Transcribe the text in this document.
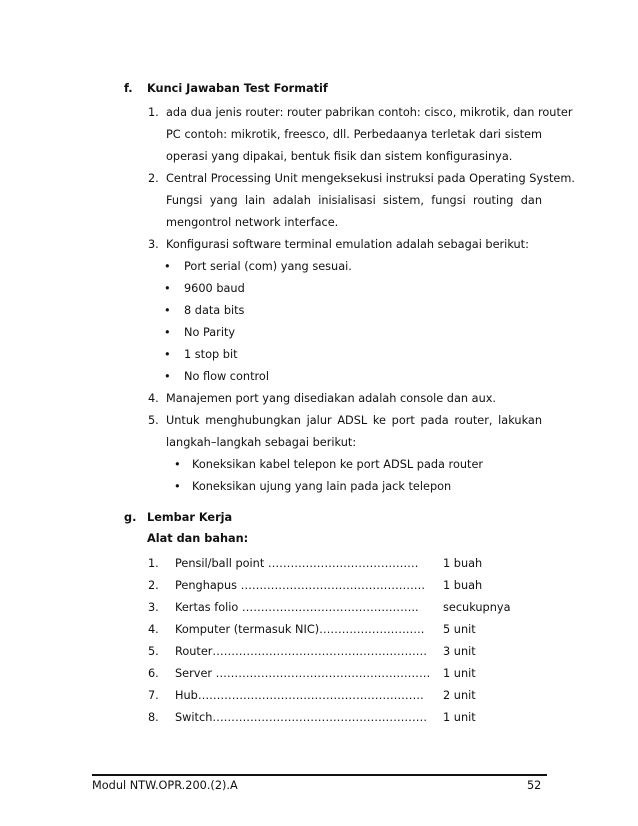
f. Kunci Jawaban Test Formatif
1. ada dua jenis router: router pabrikan contoh: cisco, mikrotik, dan router
PC contoh: mikrotik, freesco, dll. Perbedaanya terletak dari sistem
operasi yang dipakai, bentuk fisik dan sistem konfigurasinya.
2. Central Processing Unit mengeksekusi instruksi pada Operating System.
Fungsi yang lain adalah inisialisasi sistem, fungsi routing dan
mengontrol network interface.
3. Konfigurasi software terminal emulation adalah sebagai berikut:
• Port serial (com) yang sesuai.
• 9600 baud
• 8 data bits
• No Parity
• 1 stop bit
• No flow control
4. Manajemen port yang disediakan adalah console dan aux.
5. Untuk menghubungkan jalur ADSL ke port pada router, lakukan
langkah–langkah sebagai berikut:
• Koneksikan kabel telepon ke port ADSL pada router
• Koneksikan ujung yang lain pada jack telepon
g. Lembar Kerja
Alat dan bahan:
1. Pensil/ball point …………………………………. 1 buah
2. Penghapus …………………………………………. 1 buah
3. Kertas folio ……………………………………….. secukupnya
4. Komputer (termasuk NIC)………………………. 5 unit
5. Router………………………………………………… 3 unit
6. Server ………………………………………………… 1 unit
7. Hub…………………………………………………… 2 unit
8. Switch………………………………………………… 1 unit
Modul NTW.OPR.200.(2).A	52
